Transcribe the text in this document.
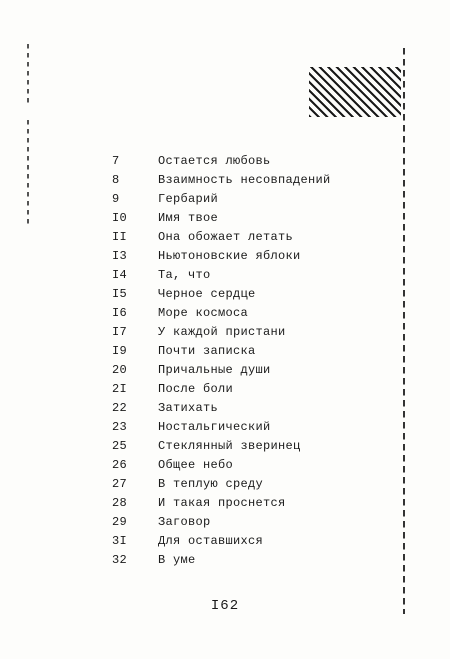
7	Остается любовь
8	Взаимность несовпадений
9	Гербарий
I0	Имя твое
II	Она обожает летать
I3	Ньютоновские яблоки
I4	Та, что
I5	Черное сердце
I6	Море космоса
I7	У каждой пристани
I9	Почти записка
20	Причальные души
2I	После боли
22	Затихать
23	Ностальгический
25	Стеклянный зверинец
26	Общее небо
27	В теплую среду
28	И такая проснется
29	Заговор
3I	Для оставшихся
32	В уме
I62
